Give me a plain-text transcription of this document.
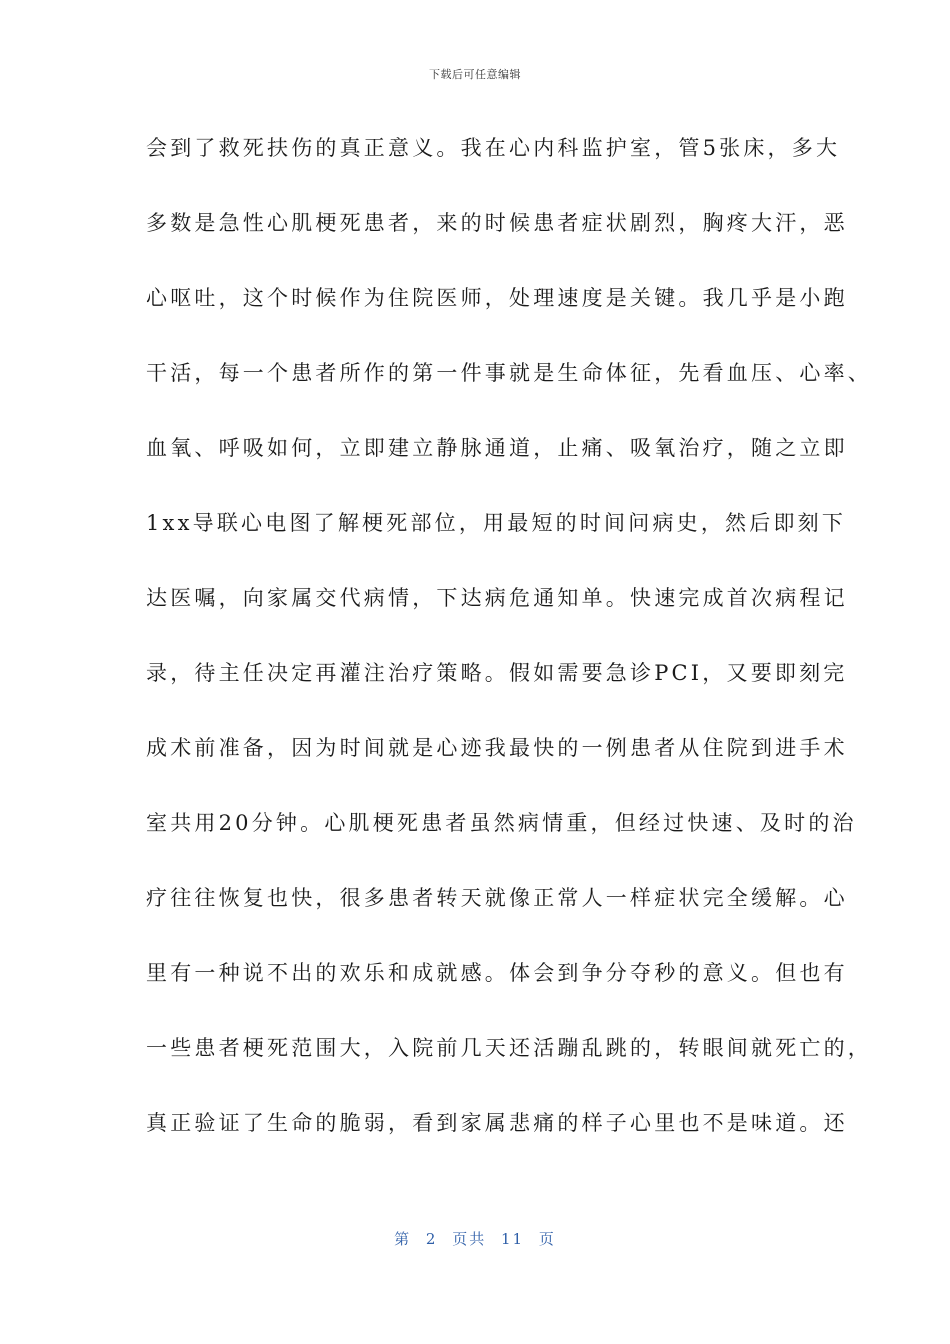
下载后可任意编辑
会到了救死扶伤的真正意义。我在心内科监护室，管5张床，多大
多数是急性心肌梗死患者，来的时候患者症状剧烈，胸疼大汗，恶
心呕吐，这个时候作为住院医师，处理速度是关键。我几乎是小跑
干活，每一个患者所作的第一件事就是生命体征，先看血压、心率、
血氧、呼吸如何，立即建立静脉通道，止痛、吸氧治疗，随之立即
1xx导联心电图了解梗死部位，用最短的时间问病史，然后即刻下
达医嘱，向家属交代病情，下达病危通知单。快速完成首次病程记
录，待主任决定再灌注治疗策略。假如需要急诊PCI，又要即刻完
成术前准备，因为时间就是心迹我最快的一例患者从住院到进手术
室共用20分钟。心肌梗死患者虽然病情重，但经过快速、及时的治
疗往往恢复也快，很多患者转天就像正常人一样症状完全缓解。心
里有一种说不出的欢乐和成就感。体会到争分夺秒的意义。但也有
一些患者梗死范围大，入院前几天还活蹦乱跳的，转眼间就死亡的，
真正验证了生命的脆弱，看到家属悲痛的样子心里也不是味道。还
第 2 页共 11 页
